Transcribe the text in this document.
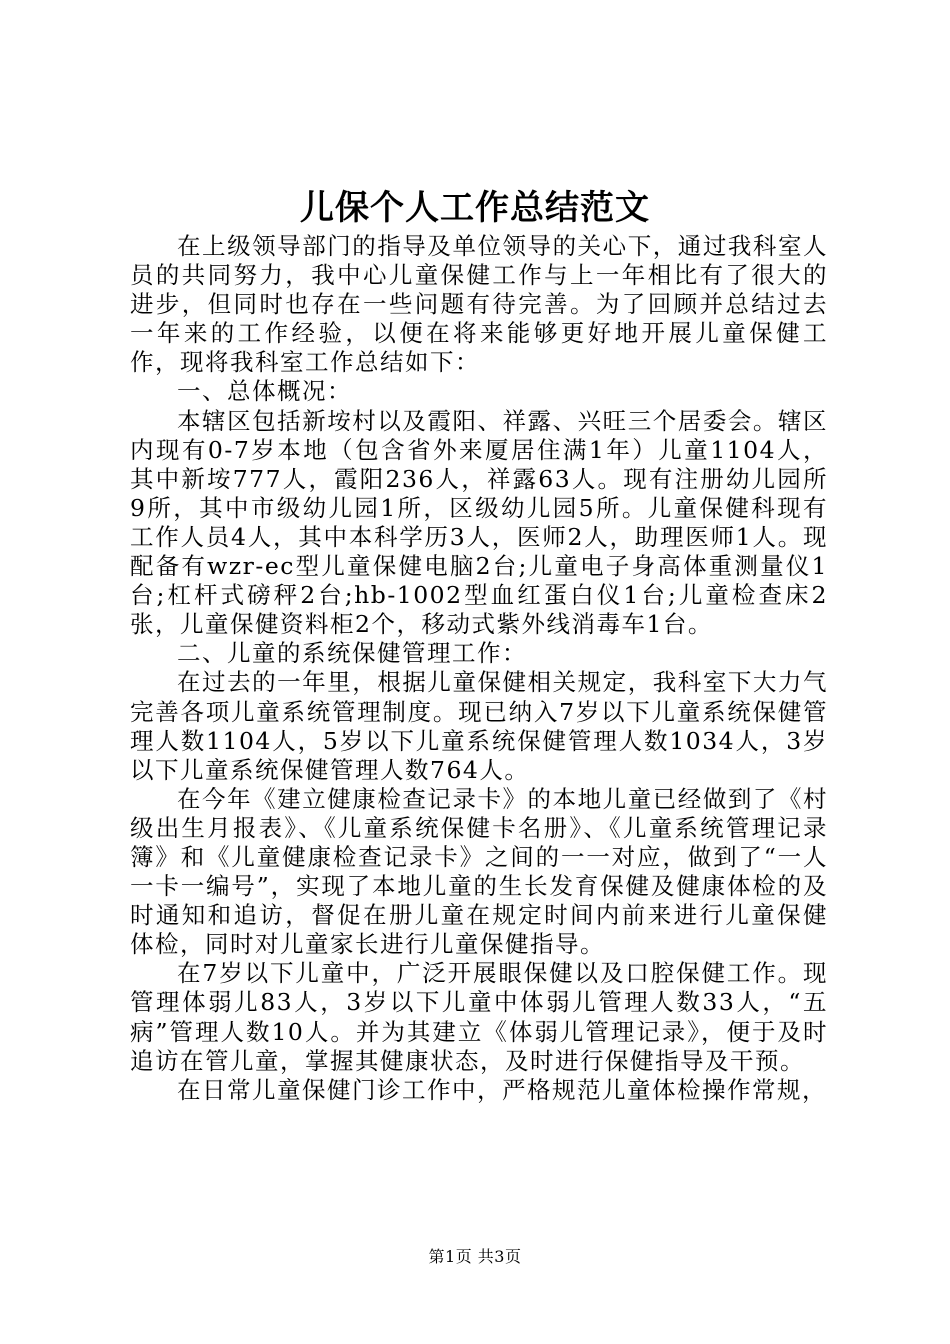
儿保个人工作总结范文

在上级领导部门的指导及单位领导的关心下，通过我科室人员的共同努力，我中心儿童保健工作与上一年相比有了很大的进步，但同时也存在一些问题有待完善。为了回顾并总结过去一年来的工作经验，以便在将来能够更好地开展儿童保健工作，现将我科室工作总结如下：

一、总体概况：

本辖区包括新垵村以及霞阳、祥露、兴旺三个居委会。辖区内现有0-7岁本地（包含省外来厦居住满1年）儿童1104人，其中新垵777人，霞阳236人，祥露63人。现有注册幼儿园所9所，其中市级幼儿园1所，区级幼儿园5所。儿童保健科现有工作人员4人，其中本科学历3人，医师2人，助理医师1人。现配备有wzr-ec型儿童保健电脑2台;儿童电子身高体重测量仪1台;杠杆式磅秤2台;hb-1002型血红蛋白仪1台;儿童检查床2张，儿童保健资料柜2个，移动式紫外线消毒车1台。

二、儿童的系统保健管理工作：

在过去的一年里，根据儿童保健相关规定，我科室下大力气完善各项儿童系统管理制度。现已纳入7岁以下儿童系统保健管理人数1104人，5岁以下儿童系统保健管理人数1034人，3岁以下儿童系统保健管理人数764人。

在今年《建立健康检查记录卡》的本地儿童已经做到了《村级出生月报表》、《儿童系统保健卡名册》、《儿童系统管理记录簿》和《儿童健康检查记录卡》之间的一一对应，做到了“一人一卡一编号”，实现了本地儿童的生长发育保健及健康体检的及时通知和追访，督促在册儿童在规定时间内前来进行儿童保健体检，同时对儿童家长进行儿童保健指导。

在7岁以下儿童中，广泛开展眼保健以及口腔保健工作。现管理体弱儿83人，3岁以下儿童中体弱儿管理人数33人，“五病”管理人数10人。并为其建立《体弱儿管理记录》，便于及时追访在管儿童，掌握其健康状态，及时进行保健指导及干预。

在日常儿童保健门诊工作中，严格规范儿童体检操作常规，

第1页 共3页
